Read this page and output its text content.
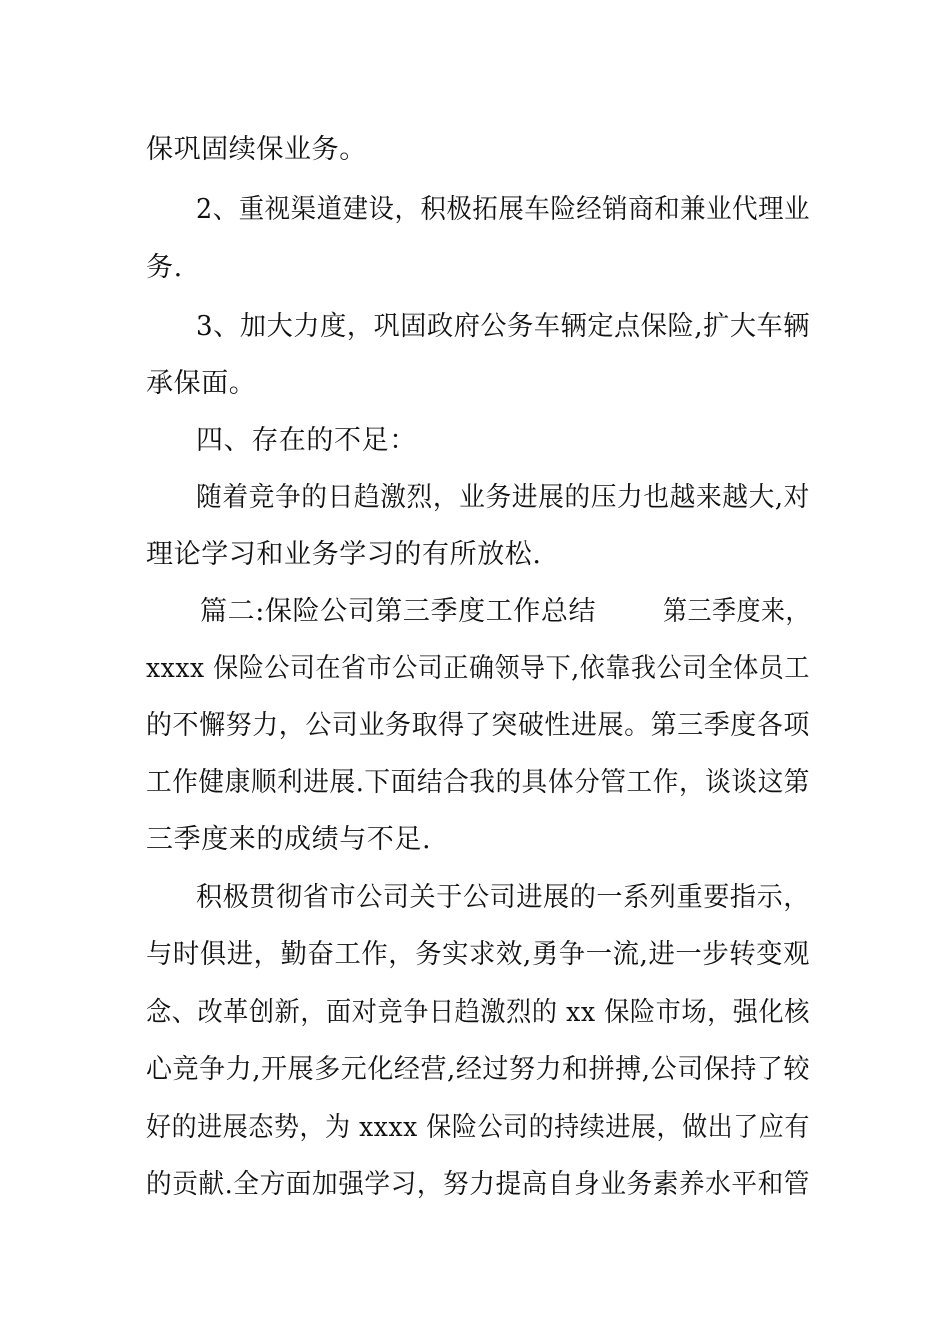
保巩固续保业务。

2、重视渠道建设，积极拓展车险经销商和兼业代理业

务.

3、加大力度，巩固政府公务车辆定点保险,扩大车辆

承保面。

四、存在的不足：

随着竞争的日趋激烈，业务进展的压力也越来越大,对

理论学习和业务学习的有所放松.

篇二:保险公司第三季度工作总结

第三季度来，

xxxx 保险公司在省市公司正确领导下,依靠我公司全体员工

的不懈努力，公司业务取得了突破性进展。第三季度各项

工作健康顺利进展.下面结合我的具体分管工作，谈谈这第

三季度来的成绩与不足.

积极贯彻省市公司关于公司进展的一系列重要指示，

与时俱进，勤奋工作，务实求效,勇争一流,进一步转变观

念、改革创新，面对竞争日趋激烈的 xx 保险市场，强化核

心竞争力,开展多元化经营,经过努力和拼搏,公司保持了较

好的进展态势，为 xxxx 保险公司的持续进展，做出了应有

的贡献.全方面加强学习，努力提高自身业务素养水平和管
